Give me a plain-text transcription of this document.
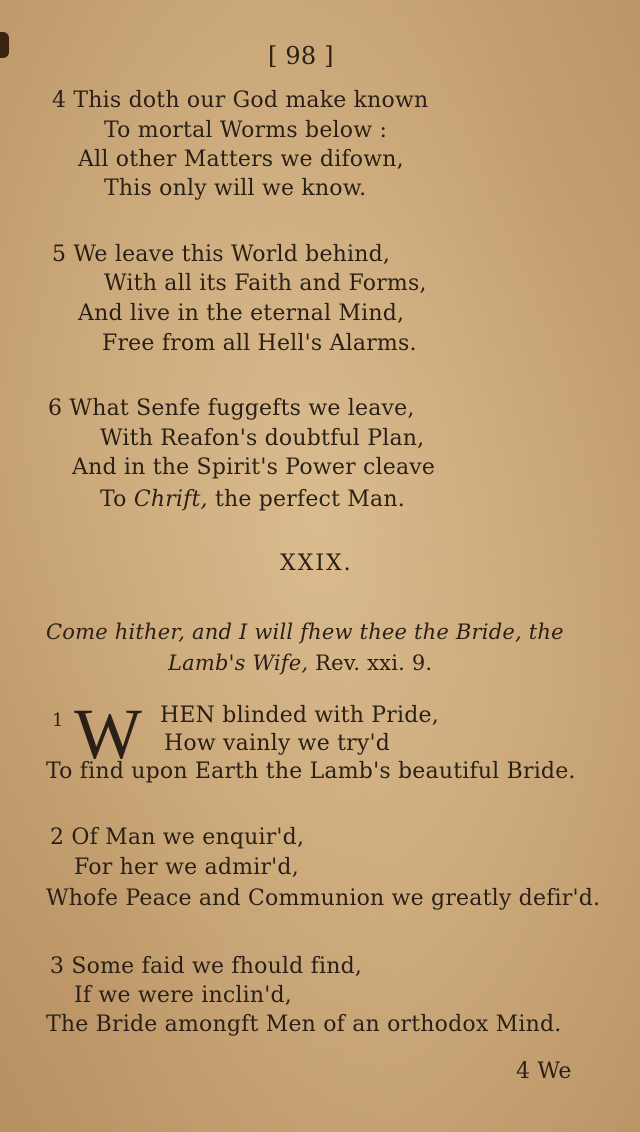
[ 98 ]
4 This doth our God make known
To mortal Worms below :
All other Matters we difown,
This only will we know.
5 We leave this World behind,
With all its Faith and Forms,
And live in the eternal Mind,
Free from all Hell's Alarms.
6 What Senfe fuggefts we leave,
With Reafon's doubtful Plan,
And in the Spirit's Power cleave
To Chrift, the perfect Man.
XXIX.
Come hither, and I will fhew thee the Bride, the
Lamb's Wife, Rev. xxi. 9.
1 W HEN blinded with Pride,
How vainly we try'd
To find upon Earth the Lamb's beautiful Bride.
2 Of Man we enquir'd,
For her we admir'd,
Whofe Peace and Communion we greatly defir'd.
3 Some faid we fhould find,
If we were inclin'd,
The Bride amongft Men of an orthodox Mind.
4 We
